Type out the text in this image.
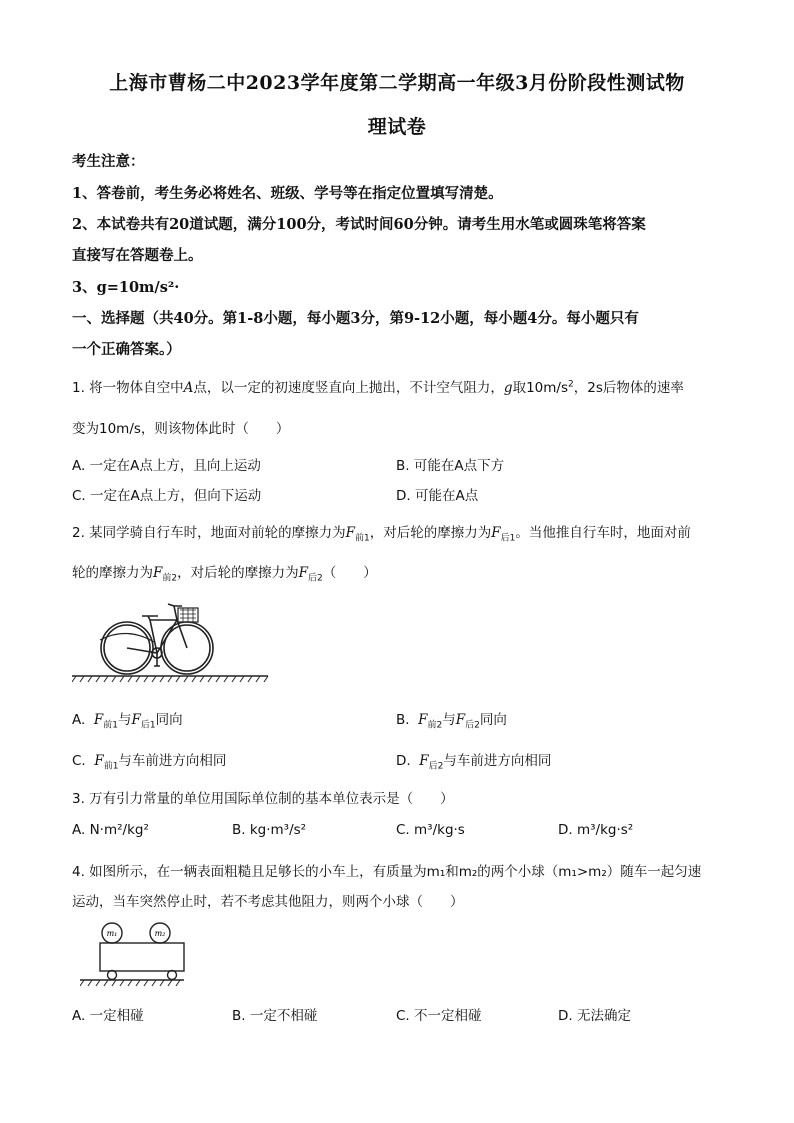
上海市曹杨二中2023学年度第二学期高一年级3月份阶段性测试物
理试卷
考生注意：
1、答卷前，考生务必将姓名、班级、学号等在指定位置填写清楚。
2、本试卷共有20道试题，满分100分，考试时间60分钟。请考生用水笔或圆珠笔将答案
直接写在答题卷上。
3、g=10m/s²·
一、选择题（共40分。第1-8小题，每小题3分，第9-12小题，每小题4分。每小题只有
一个正确答案。）
1. 将一物体自空中A点，以一定的初速度竖直向上抛出，不计空气阻力，g取$10m/s^2$，2s后物体的速率
变为10m/s，则该物体此时（　　）
A. 一定在A点上方，且向上运动	B. 可能在A点下方
C. 一定在A点上方，但向下运动	D. 可能在A点
2. 某同学骑自行车时，地面对前轮的摩擦力为$F_{前1}$，对后轮的摩擦力为$F_{后1}$。当他推自行车时，地面对前
轮的摩擦力为$F_{前2}$，对后轮的摩擦力为$F_{后2}$（　　）
A. $F_{前1}$与$F_{后1}$同向	B. $F_{前2}$与$F_{后2}$同向
C. $F_{前1}$与车前进方向相同	D. $F_{后2}$与车前进方向相同
3. 万有引力常量的单位用国际单位制的基本单位表示是（　　）
A. N·m²/kg²	B. kg·m³/s²	C. m³/kg·s	D. m³/kg·s²
4. 如图所示，在一辆表面粗糙且足够长的小车上，有质量为m₁和m₂的两个小球（m₁>m₂）随车一起匀速
运动，当车突然停止时，若不考虑其他阻力，则两个小球（　　）
m₁	m₂
A. 一定相碰	B. 一定不相碰	C. 不一定相碰	D. 无法确定
